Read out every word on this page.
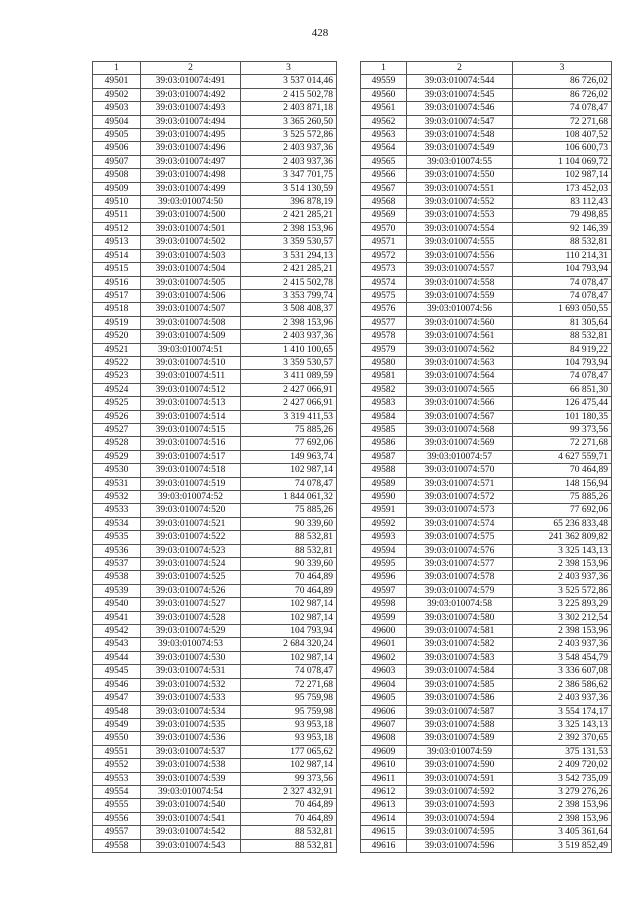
428
1	2	3
49501	39:03:010074:491	3 537 014,46
49502	39:03:010074:492	2 415 502,78
49503	39:03:010074:493	2 403 871,18
49504	39:03:010074:494	3 365 260,50
49505	39:03:010074:495	3 525 572,86
49506	39:03:010074:496	2 403 937,36
49507	39:03:010074:497	2 403 937,36
49508	39:03:010074:498	3 347 701,75
49509	39:03:010074:499	3 514 130,59
49510	39:03:010074:50	396 878,19
49511	39:03:010074:500	2 421 285,21
49512	39:03:010074:501	2 398 153,96
49513	39:03:010074:502	3 359 530,57
49514	39:03:010074:503	3 531 294,13
49515	39:03:010074:504	2 421 285,21
49516	39:03:010074:505	2 415 502,78
49517	39:03:010074:506	3 353 799,74
49518	39:03:010074:507	3 508 408,37
49519	39:03:010074:508	2 398 153,96
49520	39:03:010074:509	2 403 937,36
49521	39:03:010074:51	1 410 100,65
49522	39:03:010074:510	3 359 530,57
49523	39:03:010074:511	3 411 089,59
49524	39:03:010074:512	2 427 066,91
49525	39:03:010074:513	2 427 066,91
49526	39:03:010074:514	3 319 411,53
49527	39:03:010074:515	75 885,26
49528	39:03:010074:516	77 692,06
49529	39:03:010074:517	149 963,74
49530	39:03:010074:518	102 987,14
49531	39:03:010074:519	74 078,47
49532	39:03:010074:52	1 844 061,32
49533	39:03:010074:520	75 885,26
49534	39:03:010074:521	90 339,60
49535	39:03:010074:522	88 532,81
49536	39:03:010074:523	88 532,81
49537	39:03:010074:524	90 339,60
49538	39:03:010074:525	70 464,89
49539	39:03:010074:526	70 464,89
49540	39:03:010074:527	102 987,14
49541	39:03:010074:528	102 987,14
49542	39:03:010074:529	104 793,94
49543	39:03:010074:53	2 684 320,24
49544	39:03:010074:530	102 987,14
49545	39:03:010074:531	74 078,47
49546	39:03:010074:532	72 271,68
49547	39:03:010074:533	95 759,98
49548	39:03:010074:534	95 759,98
49549	39:03:010074:535	93 953,18
49550	39:03:010074:536	93 953,18
49551	39:03:010074:537	177 065,62
49552	39:03:010074:538	102 987,14
49553	39:03:010074:539	99 373,56
49554	39:03:010074:54	2 327 432,91
49555	39:03:010074:540	70 464,89
49556	39:03:010074:541	70 464,89
49557	39:03:010074:542	88 532,81
49558	39:03:010074:543	88 532,81
1	2	3
49559	39:03:010074:544	86 726,02
49560	39:03:010074:545	86 726,02
49561	39:03:010074:546	74 078,47
49562	39:03:010074:547	72 271,68
49563	39:03:010074:548	108 407,52
49564	39:03:010074:549	106 600,73
49565	39:03:010074:55	1 104 069,72
49566	39:03:010074:550	102 987,14
49567	39:03:010074:551	173 452,03
49568	39:03:010074:552	83 112,43
49569	39:03:010074:553	79 498,85
49570	39:03:010074:554	92 146,39
49571	39:03:010074:555	88 532,81
49572	39:03:010074:556	110 214,31
49573	39:03:010074:557	104 793,94
49574	39:03:010074:558	74 078,47
49575	39:03:010074:559	74 078,47
49576	39:03:010074:56	1 693 050,55
49577	39:03:010074:560	81 305,64
49578	39:03:010074:561	88 532,81
49579	39:03:010074:562	84 919,22
49580	39:03:010074:563	104 793,94
49581	39:03:010074:564	74 078,47
49582	39:03:010074:565	66 851,30
49583	39:03:010074:566	126 475,44
49584	39:03:010074:567	101 180,35
49585	39:03:010074:568	99 373,56
49586	39:03:010074:569	72 271,68
49587	39:03:010074:57	4 627 559,71
49588	39:03:010074:570	70 464,89
49589	39:03:010074:571	148 156,94
49590	39:03:010074:572	75 885,26
49591	39:03:010074:573	77 692,06
49592	39:03:010074:574	65 236 833,48
49593	39:03:010074:575	241 362 809,82
49594	39:03:010074:576	3 325 143,13
49595	39:03:010074:577	2 398 153,96
49596	39:03:010074:578	2 403 937,36
49597	39:03:010074:579	3 525 572,86
49598	39:03:010074:58	3 225 893,29
49599	39:03:010074:580	3 302 212,54
49600	39:03:010074:581	2 398 153,96
49601	39:03:010074:582	2 403 937,36
49602	39:03:010074:583	3 548 454,79
49603	39:03:010074:584	3 336 607,08
49604	39:03:010074:585	2 386 586,62
49605	39:03:010074:586	2 403 937,36
49606	39:03:010074:587	3 554 174,17
49607	39:03:010074:588	3 325 143,13
49608	39:03:010074:589	2 392 370,65
49609	39:03:010074:59	375 131,53
49610	39:03:010074:590	2 409 720,02
49611	39:03:010074:591	3 542 735,09
49612	39:03:010074:592	3 279 276,26
49613	39:03:010074:593	2 398 153,96
49614	39:03:010074:594	2 398 153,96
49615	39:03:010074:595	3 405 361,64
49616	39:03:010074:596	3 519 852,49
